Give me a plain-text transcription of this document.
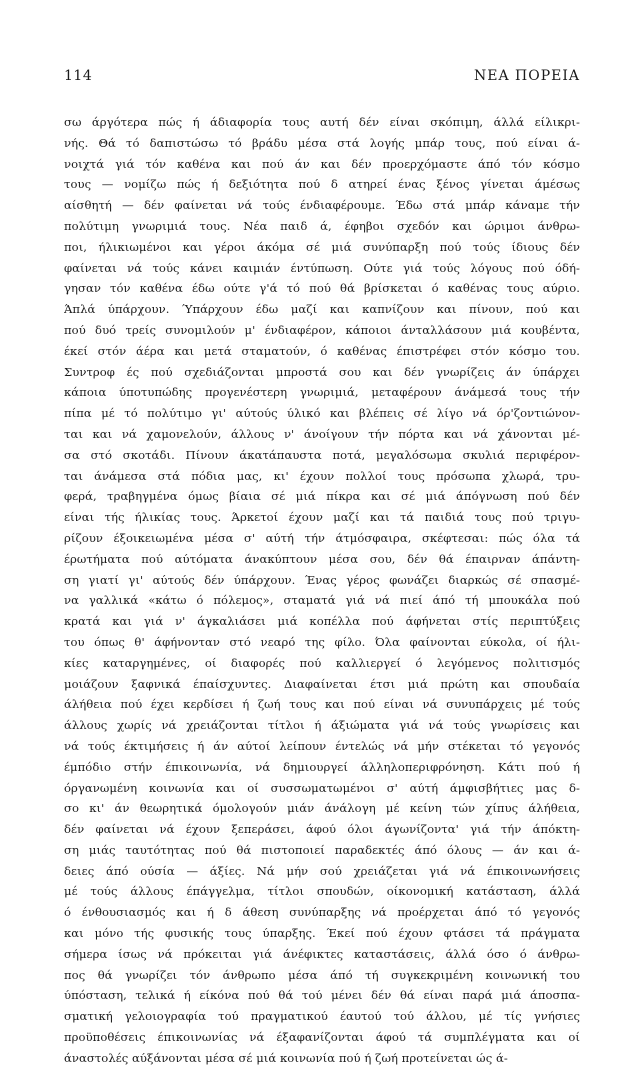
114	ΝΕΑ ΠΟΡΕΙΑ
σω άργότερα πώς ή άδιαφορία τους αυτή δέν είναι σκόπιμη, άλλά είλικρι-
νής. Θά τό δαπιστώσω τό βράδυ μέσα στά λογής μπάρ τους, πού είναι ά-
νοιχτά γιά τόν καθένα και πού άν και δέν προερχόμαστε άπό τόν κόσμο
τους — νομίζω πώς ή δεξιότητα πού δ ατηρεί ένας ξένος γίνεται άμέσως
αίσθητή — δέν φαίνεται νά τούς ένδιαφέρουμε. Έδω στά μπάρ κάναμε τήν
πολύτιμη γνωριμιά τους. Νέα παιδ ά, έφηβοι σχεδόν και ώριμοι άνθρω-
ποι, ήλικιωμένοι και γέροι άκόμα σέ μιά συνύπαρξη πού τούς ίδιους δέν
φαίνεται νά τούς κάνει καιμιάν έντύπωση. Ούτε γιά τούς λόγους πού όδή-
γησαν τόν καθένα έδω ούτε γ'ά τό πού θά βρίσκεται ό καθένας τους αύριο.
Άπλά ύπάρχουν. Ύπάρχουν έδω μαζί και καπνίζουν και πίνουν, πού και
πού δυό τρείς συνομιλούν μ' ένδιαφέρον, κάποιοι άνταλλάσουν μιά κουβέντα,
έκεί στόν άέρα και μετά σταματούν, ό καθένας έπιστρέφει στόν κόσμο του.
Συντροφ ές πού σχεδιάζονται μπροστά σου και δέν γνωρίζεις άν ύπάρχει
κάποια ύποτυπώδης προγενέστερη γνωριμιά, μεταφέρουν άνάμεσά τους τήν
πίπα μέ τό πολύτιμο γι' αύτούς ύλικό και βλέπεις σέ λίγο νά όρ'ζοντιώνον-
ται και νά χαμονελούν, άλλους ν' άνοίγουν τήν πόρτα και νά χάνονται μέ-
σα στό σκοτάδι. Πίνουν άκατάπαυστα ποτά, μεγαλόσωμα σκυλιά περιφέρον-
ται άνάμεσα στά πόδια μας, κι' έχουν πολλοί τους πρόσωπα χλωρά, τρυ-
φερά, τραβηγμένα όμως βίαια σέ μιά πίκρα και σέ μιά άπόγνωση πού δέν
είναι τής ήλικίας τους. Άρκετοί έχουν μαζί και τά παιδιά τους πού τριγυ-
ρίζουν έξοικειωμένα μέσα σ' αύτή τήν άτμόσφαιρα, σκέφτεσαι: πώς όλα τά
έρωτήματα πού αύτόματα άνακύπτουν μέσα σου, δέν θά έπαιρναν άπάντη-
ση γιατί γι' αύτούς δέν ύπάρχουν. Ένας γέρος φωνάζει διαρκώς σέ σπασμέ-
να γαλλικά «κάτω ό πόλεμος», σταματά γιά νά πιεί άπό τή μπουκάλα πού
κρατά και γιά ν' άγκαλιάσει μιά κοπέλλα πού άφήνεται στίς περιπτύξεις
του όπως θ' άφήνονταν στό νεαρό της φίλο. Όλα φαίνονται εύκολα, οί ήλι-
κίες καταργημένες, οί διαφορές πού καλλιεργεί ό λεγόμενος πολιτισμός
μοιάζουν ξαφνικά έπαίσχυντες. Διαφαίνεται έτσι μιά πρώτη και σπουδαία
άλήθεια πού έχει κερδίσει ή ζωή τους και πού είναι νά συνυπάρχεις μέ τούς
άλλους χωρίς νά χρειάζονται τίτλοι ή άξιώματα γιά νά τούς γνωρίσεις και
νά τούς έκτιμήσεις ή άν αύτοί λείπουν έντελώς νά μήν στέκεται τό γεγονός
έμπόδιο στήν έπικοινωνία, νά δημιουργεί άλληλοπεριφρόνηση. Κάτι πού ή
όργανωμένη κοινωνία και οί συσσωματωμένοι σ' αύτή άμφισβήτιες μας δ-
σο κι' άν θεωρητικά όμολογούν μιάν άνάλογη μέ κείνη τών χίπυς άλήθεια,
δέν φαίνεται νά έχουν ξεπεράσει, άφού όλοι άγωνίζοντα' γιά τήν άπόκτη-
ση μιάς ταυτότητας πού θά πιστοποιεί παραδεκτές άπό όλους — άν και ά-
δειες άπό ούσία — άξίες. Νά μήν σού χρειάζεται γιά νά έπικοινωνήσεις
μέ τούς άλλους έπάγγελμα, τίτλοι σπουδών, οίκονομική κατάσταση, άλλά
ό ένθουσιασμός και ή δ άθεση συνύπαρξης νά προέρχεται άπό τό γεγονός
και μόνο τής φυσικής τους ύπαρξης. Έκεί πού έχουν φτάσει τά πράγματα
σήμερα ίσως νά πρόκειται γιά άνέφικτες καταστάσεις, άλλά όσο ό άνθρω-
πος θά γνωρίζει τόν άνθρωπο μέσα άπό τή συγκεκριμένη κοινωνική του
ύπόσταση, τελικά ή είκόνα πού θά τού μένει δέν θά είναι παρά μιά άποσπα-
σματική γελοιογραφία τού πραγματικού έαυτού τού άλλου, μέ τίς γνήσιες
προϋποθέσεις έπικοινωνίας νά έξαφανίζονται άφού τά συμπλέγματα και οί
άναστολές αύξάνονται μέσα σέ μιά κοινωνία πού ή ζωή προτείνεται ώς ά-
